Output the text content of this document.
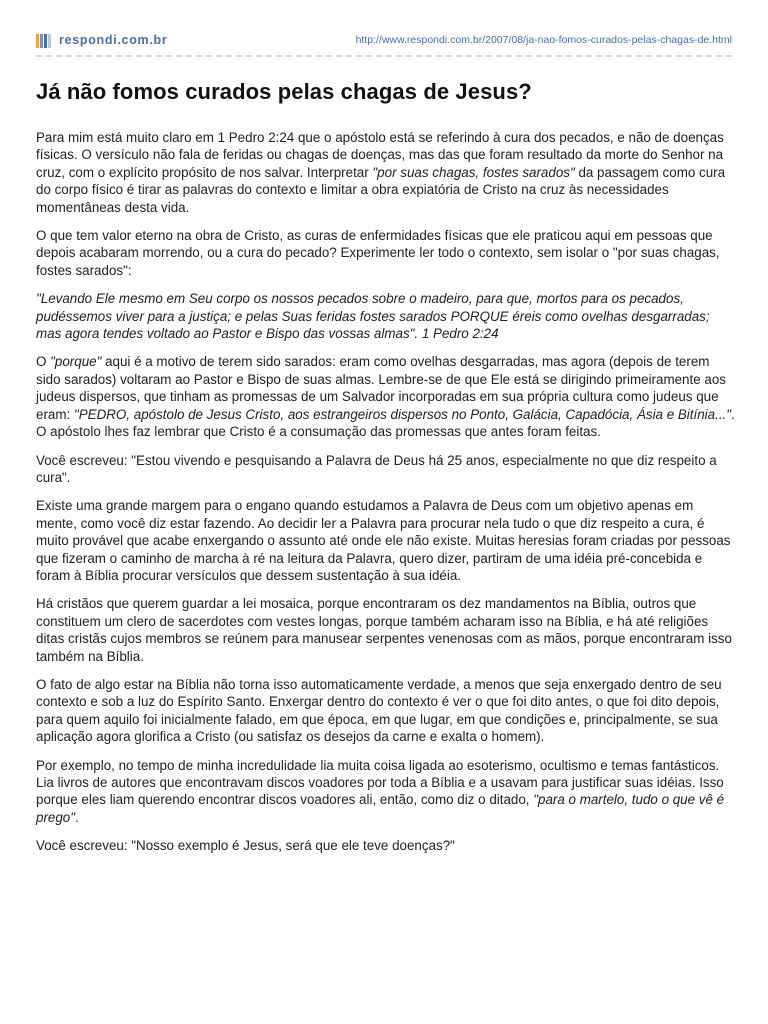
respondi.com.br	http://www.respondi.com.br/2007/08/ja-nao-fomos-curados-pelas-chagas-de.html
Já não fomos curados pelas chagas de Jesus?

Para mim está muito claro em 1 Pedro 2:24 que o apóstolo está se referindo à cura dos pecados, e não de doenças físicas. O versículo não fala de feridas ou chagas de doenças, mas das que foram resultado da morte do Senhor na cruz, com o explícito propósito de nos salvar. Interpretar "por suas chagas, fostes sarados" da passagem como cura do corpo físico é tirar as palavras do contexto e limitar a obra expiatória de Cristo na cruz às necessidades momentâneas desta vida.

O que tem valor eterno na obra de Cristo, as curas de enfermidades físicas que ele praticou aqui em pessoas que depois acabaram morrendo, ou a cura do pecado? Experimente ler todo o contexto, sem isolar o "por suas chagas, fostes sarados":

"Levando Ele mesmo em Seu corpo os nossos pecados sobre o madeiro, para que, mortos para os pecados, pudéssemos viver para a justiça; e pelas Suas feridas fostes sarados PORQUE éreis como ovelhas desgarradas; mas agora tendes voltado ao Pastor e Bispo das vossas almas". 1 Pedro 2:24

O "porque" aqui é a motivo de terem sido sarados: eram como ovelhas desgarradas, mas agora (depois de terem sido sarados) voltaram ao Pastor e Bispo de suas almas. Lembre-se de que Ele está se dirigindo primeiramente aos judeus dispersos, que tinham as promessas de um Salvador incorporadas em sua própria cultura como judeus que eram: "PEDRO, apóstolo de Jesus Cristo, aos estrangeiros dispersos no Ponto, Galácia, Capadócia, Ásia e Bitínia...". O apóstolo lhes faz lembrar que Cristo é a consumação das promessas que antes foram feitas.

Você escreveu: "Estou vivendo e pesquisando a Palavra de Deus há 25 anos, especialmente no que diz respeito a cura".

Existe uma grande margem para o engano quando estudamos a Palavra de Deus com um objetivo apenas em mente, como você diz estar fazendo. Ao decidir ler a Palavra para procurar nela tudo o que diz respeito a cura, é muito provável que acabe enxergando o assunto até onde ele não existe. Muitas heresias foram criadas por pessoas que fizeram o caminho de marcha à ré na leitura da Palavra, quero dizer, partiram de uma idéia pré-concebida e foram à Bíblia procurar versículos que dessem sustentação à sua idéia.

Há cristãos que querem guardar a lei mosaica, porque encontraram os dez mandamentos na Bíblia, outros que constituem um clero de sacerdotes com vestes longas, porque também acharam isso na Bíblia, e há até religiões ditas cristãs cujos membros se reúnem para manusear serpentes venenosas com as mãos, porque encontraram isso também na Bíblia.

O fato de algo estar na Bíblia não torna isso automaticamente verdade, a menos que seja enxergado dentro de seu contexto e sob a luz do Espírito Santo. Enxergar dentro do contexto é ver o que foi dito antes, o que foi dito depois, para quem aquilo foi inicialmente falado, em que época, em que lugar, em que condições e, principalmente, se sua aplicação agora glorifica a Cristo (ou satisfaz os desejos da carne e exalta o homem).

Por exemplo, no tempo de minha incredulidade lia muita coisa ligada ao esoterismo, ocultismo e temas fantásticos. Lia livros de autores que encontravam discos voadores por toda a Bíblia e a usavam para justificar suas idéias. Isso porque eles liam querendo encontrar discos voadores ali, então, como diz o ditado, "para o martelo, tudo o que vê é prego".

Você escreveu: "Nosso exemplo é Jesus, será que ele teve doenças?"
